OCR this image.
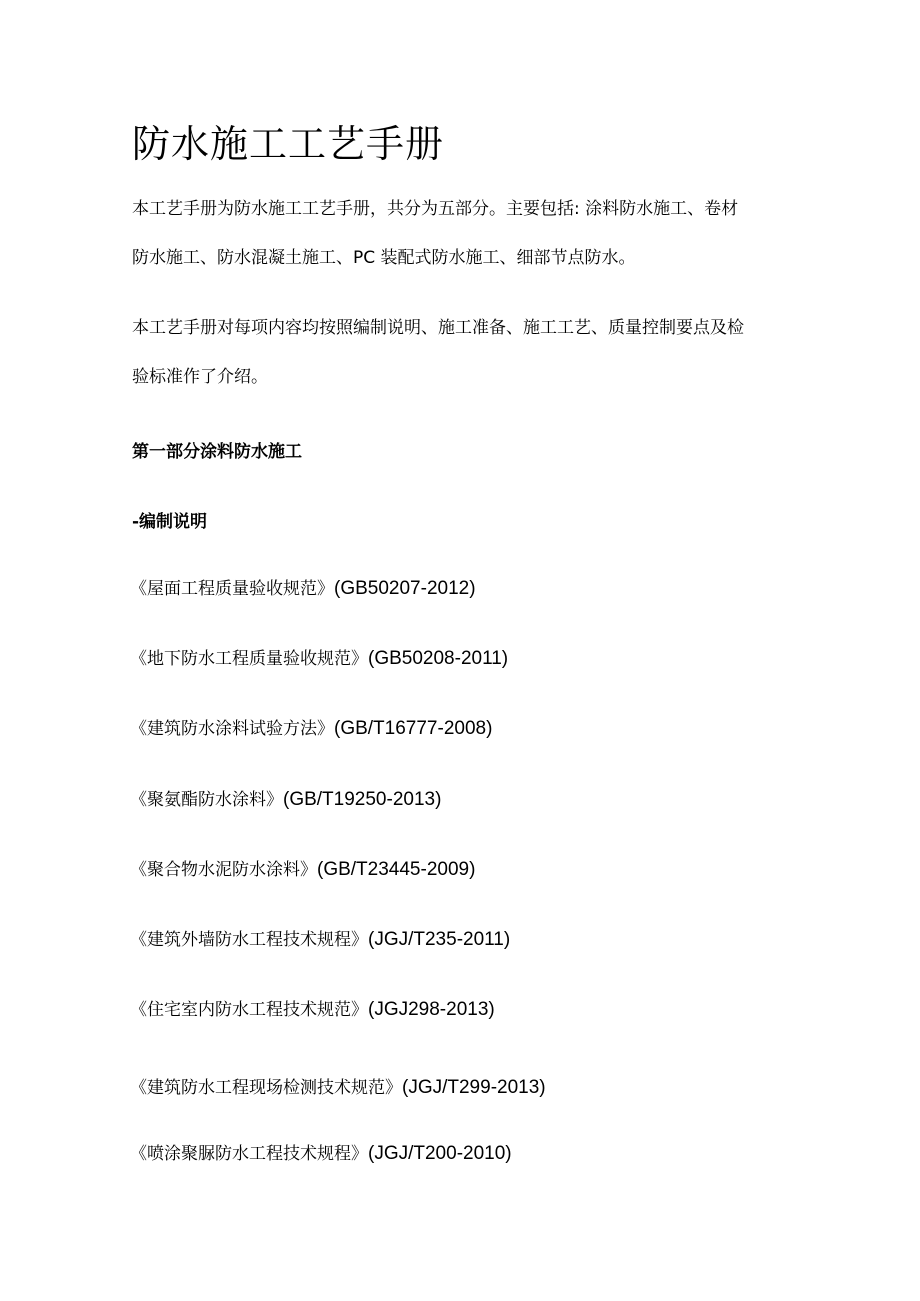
防水施工工艺手册

本工艺手册为防水施工工艺手册，共分为五部分。主要包括: 涂料防水施工、卷材
防水施工、防水混凝土施工、PC 装配式防水施工、细部节点防水。

本工艺手册对每项内容均按照编制说明、施工准备、施工工艺、质量控制要点及检
验标准作了介绍。

第一部分涂料防水施工
-编制说明
《屋面工程质量验收规范》(GB50207-2012)
《地下防水工程质量验收规范》(GB50208-2011)
《建筑防水涂料试验方法》(GB/T16777-2008)
《聚氨酯防水涂料》(GB/T19250-2013)
《聚合物水泥防水涂料》(GB/T23445-2009)
《建筑外墙防水工程技术规程》(JGJ/T235-2011)
《住宅室内防水工程技术规范》(JGJ298-2013)
《建筑防水工程现场检测技术规范》(JGJ/T299-2013)
《喷涂聚脲防水工程技术规程》(JGJ/T200-2010)
